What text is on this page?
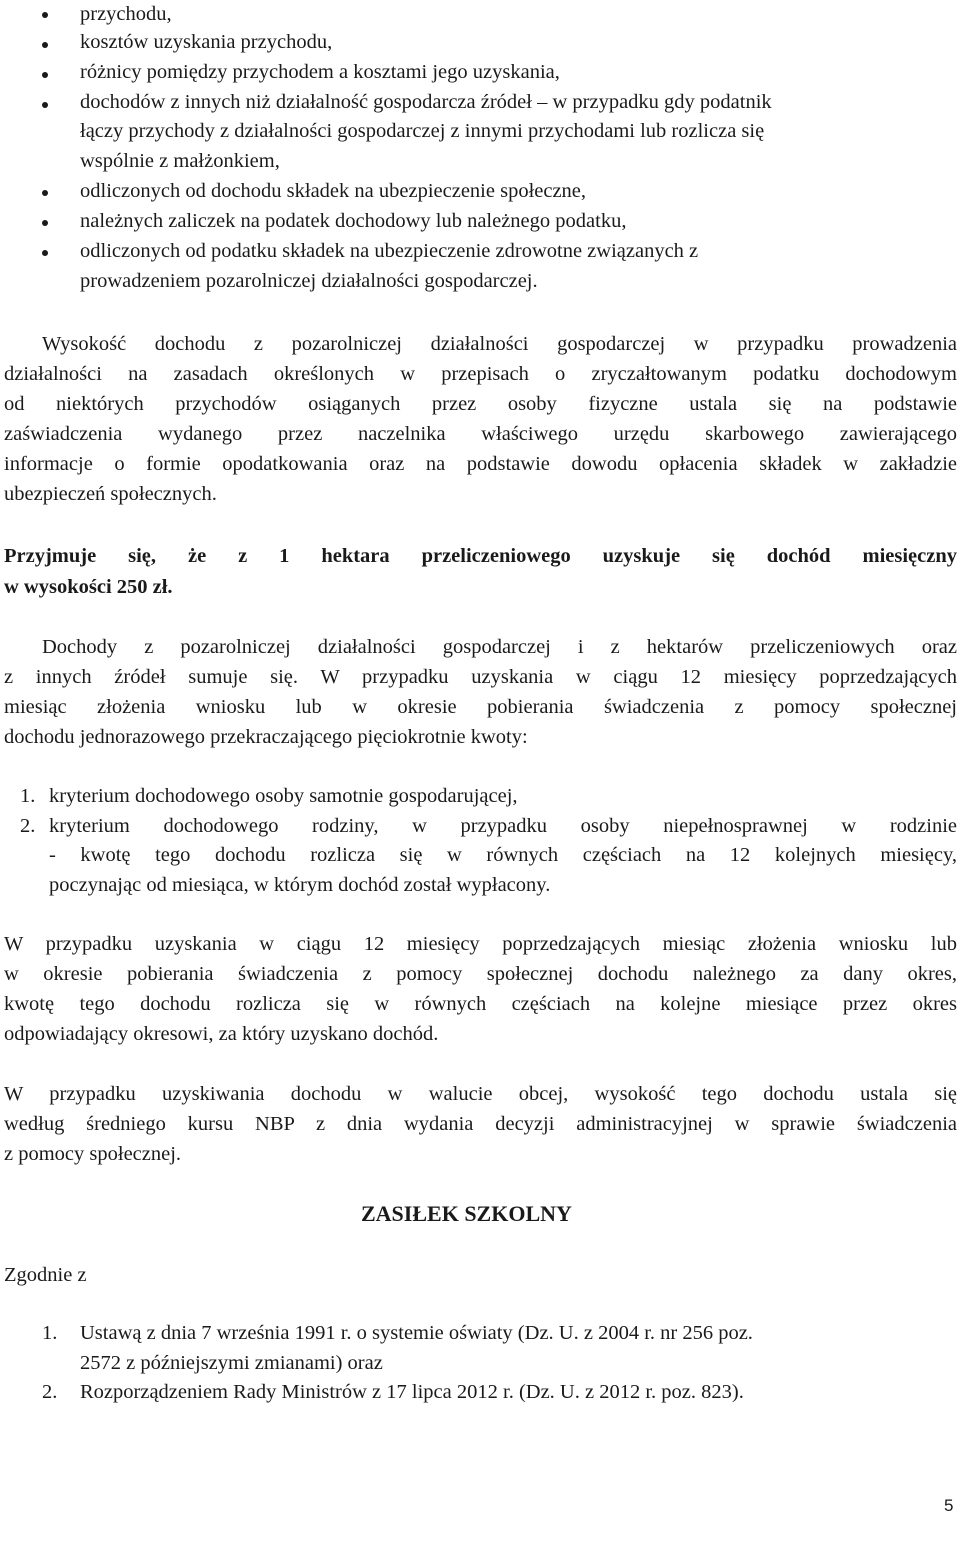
przychodu,
kosztów uzyskania przychodu,
różnicy pomiędzy przychodem a kosztami jego uzyskania,
dochodów z innych niż działalność gospodarcza źródeł – w przypadku gdy podatnik
łączy przychody z działalności gospodarczej z innymi przychodami lub rozlicza się
wspólnie z małżonkiem,
odliczonych od dochodu składek na ubezpieczenie społeczne,
należnych zaliczek na podatek dochodowy lub należnego podatku,
odliczonych od podatku składek na ubezpieczenie zdrowotne związanych z
prowadzeniem pozarolniczej działalności gospodarczej.
Wysokość dochodu z pozarolniczej działalności gospodarczej w przypadku prowadzenia
działalności na zasadach określonych w przepisach o zryczałtowanym podatku dochodowym
od niektórych przychodów osiąganych przez osoby fizyczne ustala się na podstawie
zaświadczenia wydanego przez naczelnika właściwego urzędu skarbowego zawierającego
informacje o formie opodatkowania oraz na podstawie dowodu opłacenia składek w zakładzie
ubezpieczeń społecznych.
Przyjmuje się, że z 1 hektara przeliczeniowego uzyskuje się dochód miesięczny
w wysokości 250 zł.
Dochody z pozarolniczej działalności gospodarczej i z hektarów przeliczeniowych oraz
z innych źródeł sumuje się. W przypadku uzyskania w ciągu 12 miesięcy poprzedzających
miesiąc złożenia wniosku lub w okresie pobierania świadczenia z pomocy społecznej
dochodu jednorazowego przekraczającego pięciokrotnie kwoty:
1. kryterium dochodowego osoby samotnie gospodarującej,
2. kryterium dochodowego rodziny, w przypadku osoby niepełnosprawnej w rodzinie
- kwotę tego dochodu rozlicza się w równych częściach na 12 kolejnych miesięcy,
poczynając od miesiąca, w którym dochód został wypłacony.
W przypadku uzyskania w ciągu 12 miesięcy poprzedzających miesiąc złożenia wniosku lub
w okresie pobierania świadczenia z pomocy społecznej dochodu należnego za dany okres,
kwotę tego dochodu rozlicza się w równych częściach na kolejne miesiące przez okres
odpowiadający okresowi, za który uzyskano dochód.
W przypadku uzyskiwania dochodu w walucie obcej, wysokość tego dochodu ustala się
według średniego kursu NBP z dnia wydania decyzji administracyjnej w sprawie świadczenia
z pomocy społecznej.
ZASIŁEK SZKOLNY
Zgodnie z
1. Ustawą z dnia 7 września 1991 r. o systemie oświaty (Dz. U. z 2004 r. nr 256 poz.
2572 z późniejszymi zmianami) oraz
2. Rozporządzeniem Rady Ministrów z 17 lipca 2012 r. (Dz. U. z 2012 r. poz. 823).
5
